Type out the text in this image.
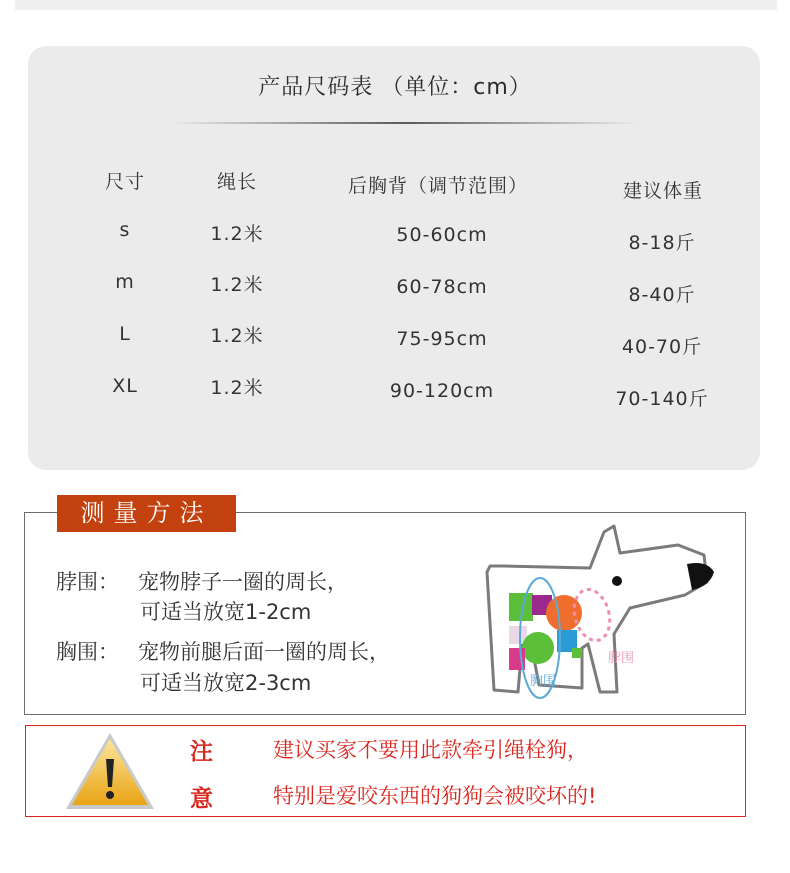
产品尺码表 （单位：cm）
尺寸	绳长	后胸背（调节范围）	建议体重
s	1.2米	50-60cm	8-18斤
m	1.2米	60-78cm	8-40斤
L	1.2米	75-95cm	40-70斤
XL	1.2米	90-120cm	70-140斤
测量方法
脖围： 宠物脖子一圈的周长，
可适当放宽1-2cm
胸围： 宠物前腿后面一圈的周长，
可适当放宽2-3cm
脖围
胸围
注
意
建议买家不要用此款牵引绳栓狗，
特别是爱咬东西的狗狗会被咬坏的!
